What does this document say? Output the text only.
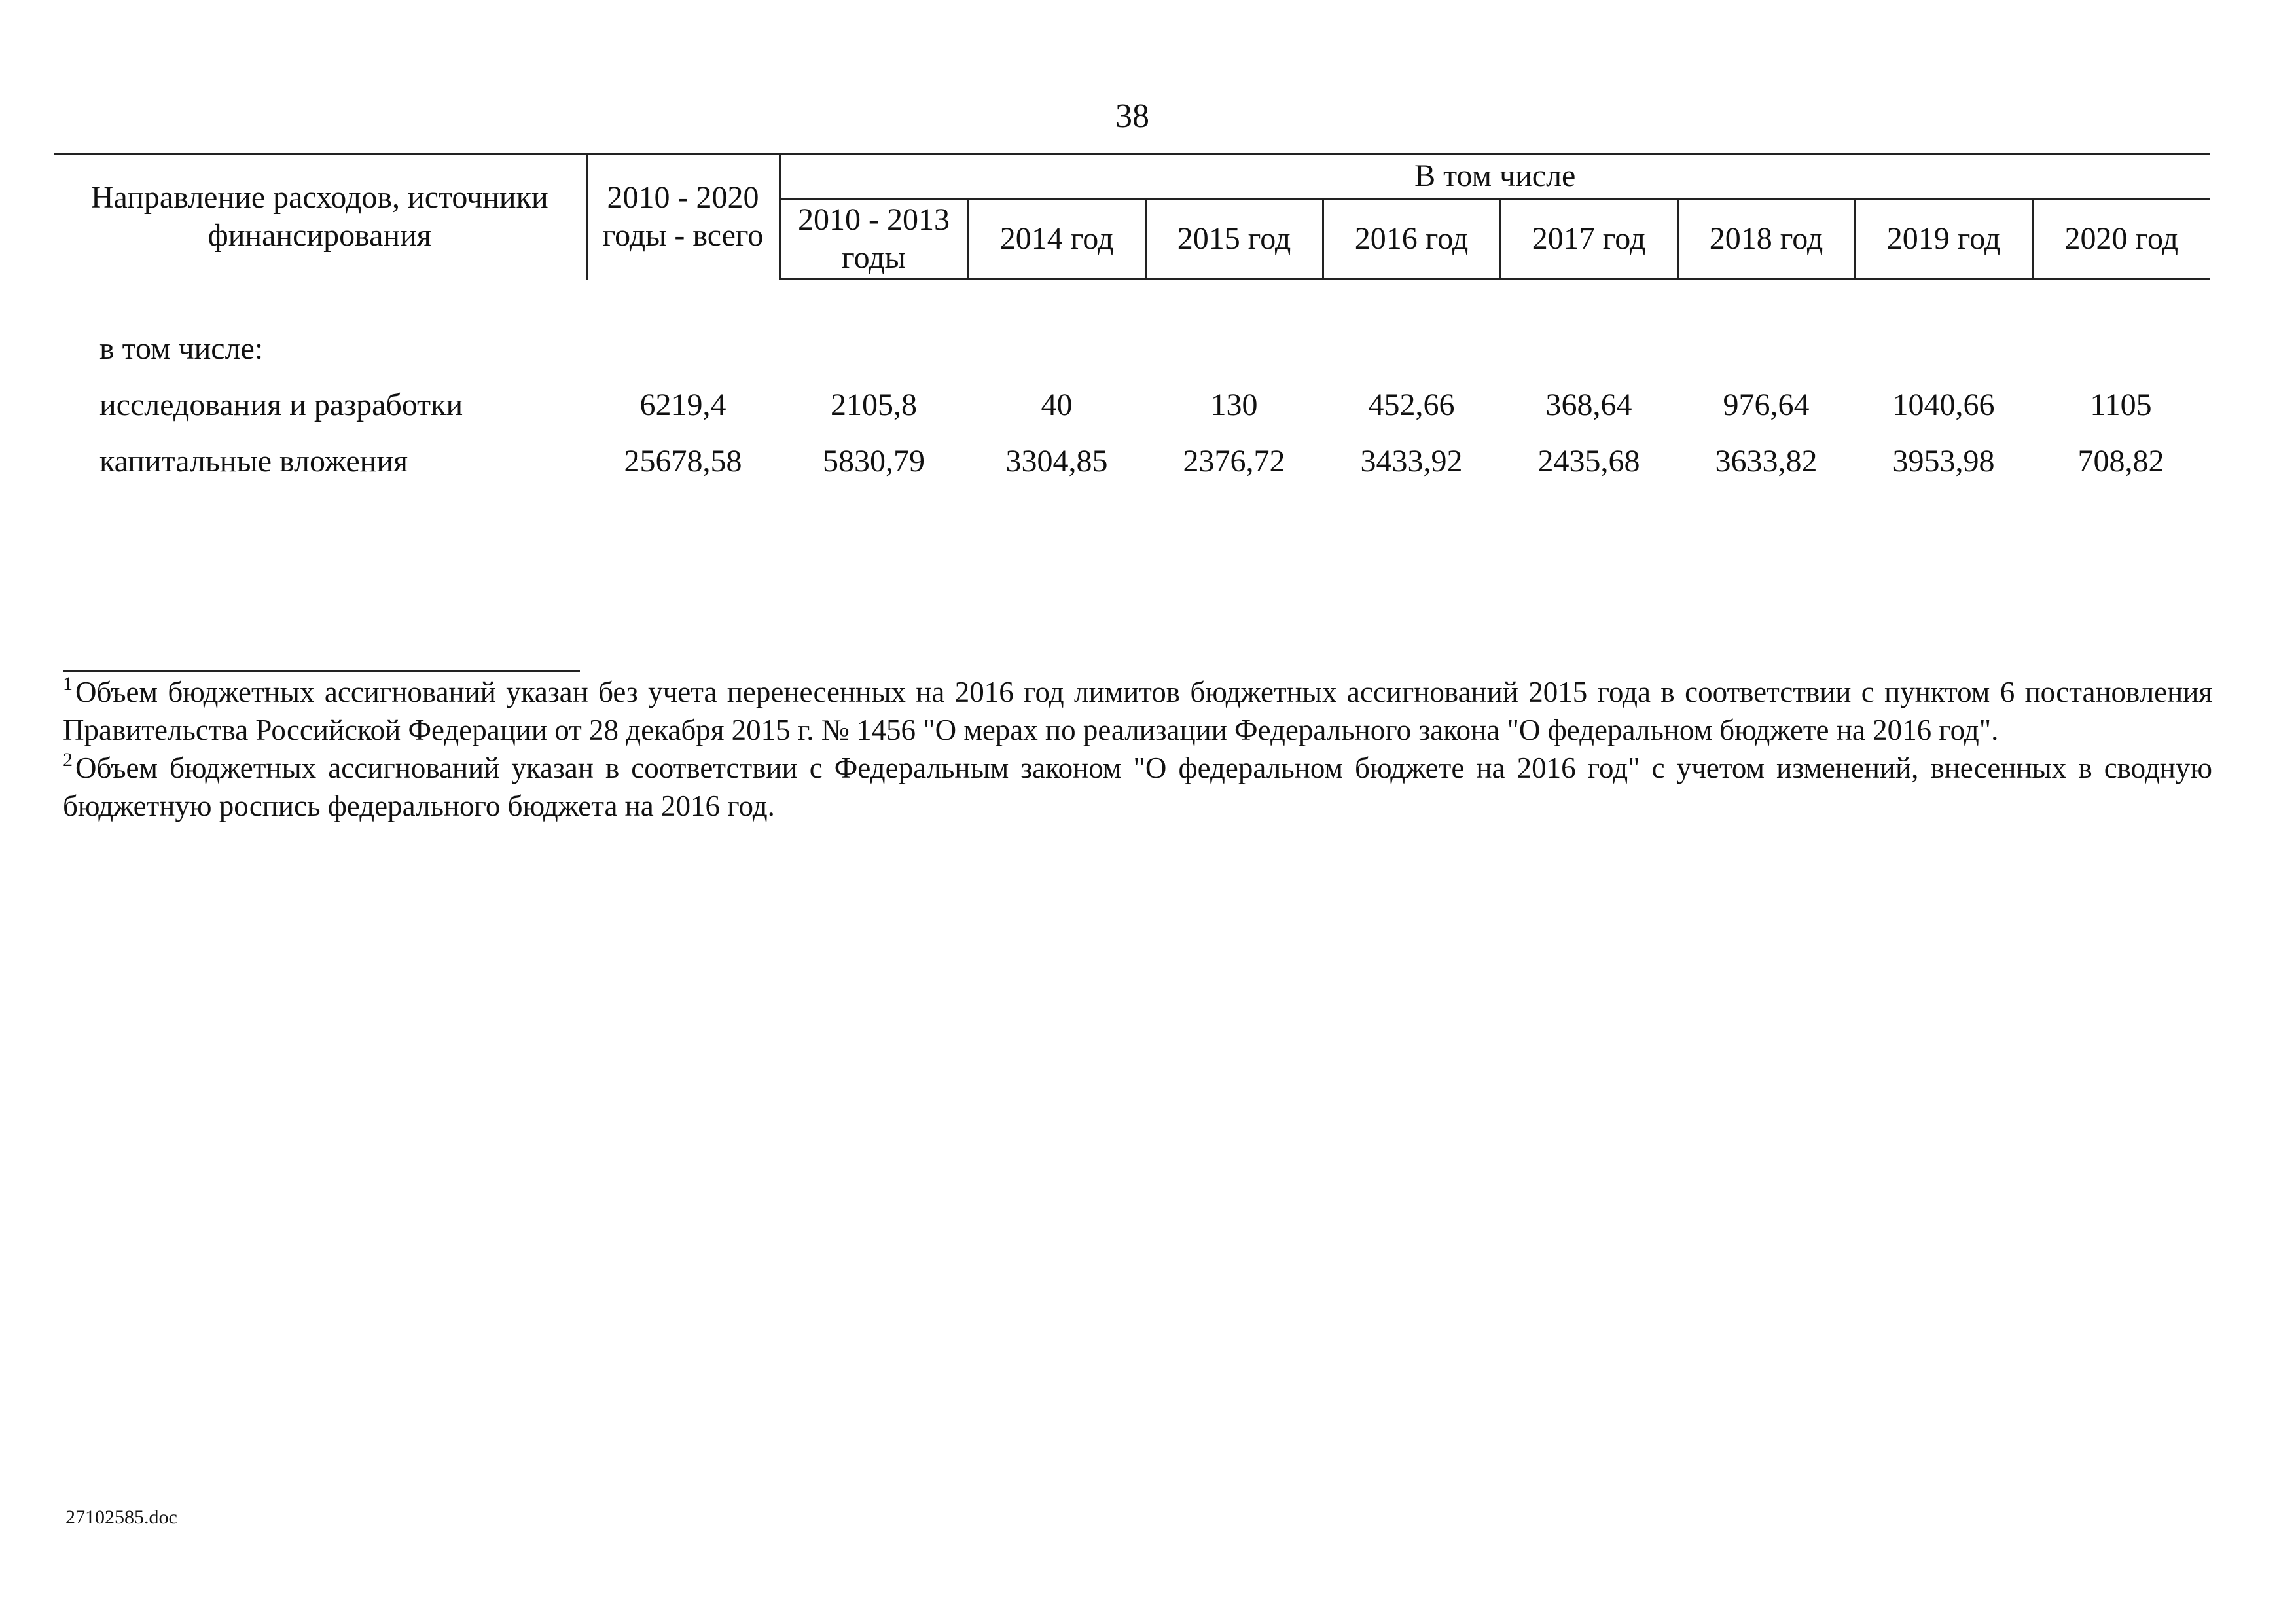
38
Направление расходов, источники финансирования	2010 - 2020 годы - всего	В том числе							
		2010 - 2013 годы	2014 год	2015 год	2016 год	2017 год	2018 год	2019 год	2020 год

в том числе:									
исследования и разработки	6219,4	2105,8	40	130	452,66	368,64	976,64	1040,66	1105
капитальные вложения	25678,58	5830,79	3304,85	2376,72	3433,92	2435,68	3633,82	3953,98	708,82

$^1$Объем бюджетных ассигнований указан без учета перенесенных на 2016 год лимитов бюджетных ассигнований 2015 года в соответствии с пунктом 6 постановления Правительства Российской Федерации от 28 декабря 2015 г. № 1456 "О мерах по реализации Федерального закона "О федеральном бюджете на 2016 год".

$^2$Объем бюджетных ассигнований указан в соответствии с Федеральным законом "О федеральном бюджете на 2016 год" с учетом изменений, внесенных в сводную бюджетную роспись федерального бюджета на 2016 год.

27102585.doc
